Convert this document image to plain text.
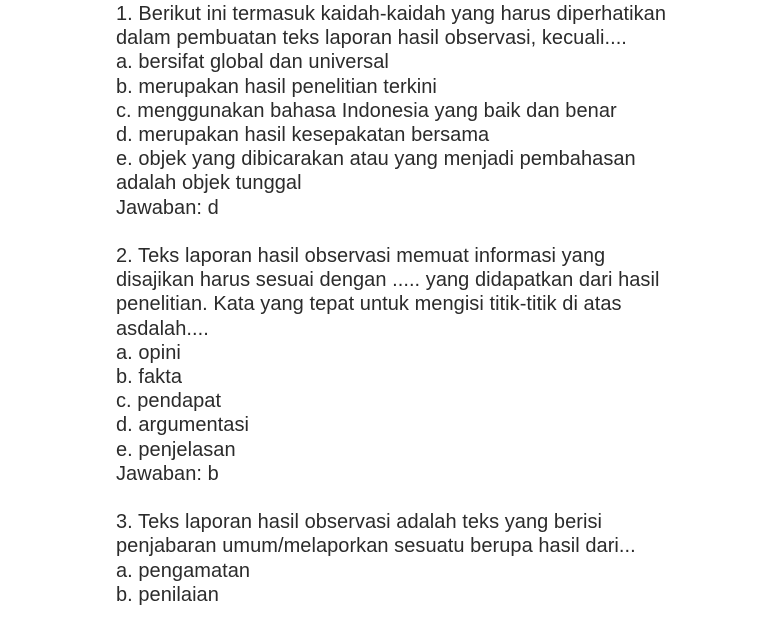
1. Berikut ini termasuk kaidah-kaidah yang harus diperhatikan dalam pembuatan teks laporan hasil observasi, kecuali....
a. bersifat global dan universal
b. merupakan hasil penelitian terkini
c. menggunakan bahasa Indonesia yang baik dan benar
d. merupakan hasil kesepakatan bersama
e. objek yang dibicarakan atau yang menjadi pembahasan adalah objek tunggal
Jawaban: d
2. Teks laporan hasil observasi memuat informasi yang disajikan harus sesuai dengan ..... yang didapatkan dari hasil penelitian. Kata yang tepat untuk mengisi titik-titik di atas asdalah....
a. opini
b. fakta
c. pendapat
d. argumentasi
e. penjelasan
Jawaban: b
3. Teks laporan hasil observasi adalah teks yang berisi penjabaran umum/melaporkan sesuatu berupa hasil dari...
a. pengamatan
b. penilaian
